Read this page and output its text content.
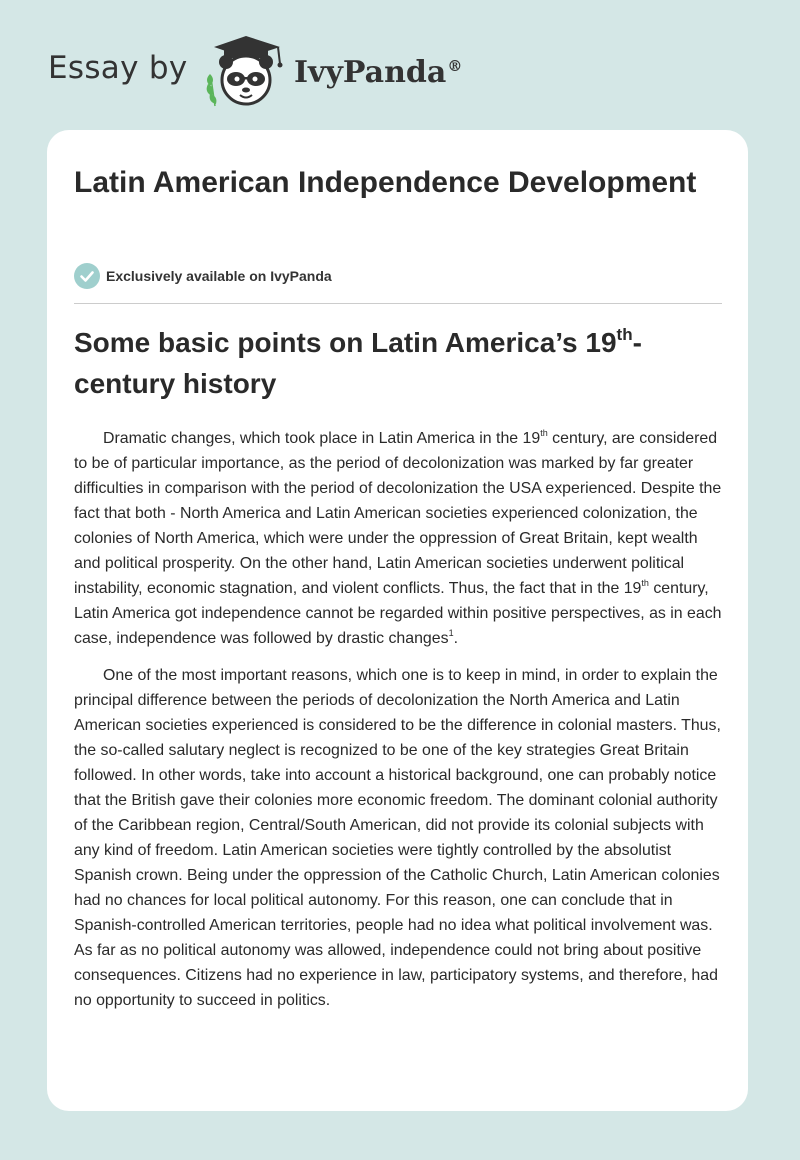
Essay by	IvyPanda®
Latin American Independence Development
Exclusively available on IvyPanda
Some basic points on Latin America’s 19th-century history

Dramatic changes, which took place in Latin America in the 19th century, are considered to be of particular importance, as the period of decolonization was marked by far greater difficulties in comparison with the period of decolonization the USA experienced. Despite the fact that both - North America and Latin American societies experienced colonization, the colonies of North America, which were under the oppression of Great Britain, kept wealth and political prosperity. On the other hand, Latin American societies underwent political instability, economic stagnation, and violent conflicts. Thus, the fact that in the 19th century, Latin America got independence cannot be regarded within positive perspectives, as in each case, independence was followed by drastic changes$^1$.

One of the most important reasons, which one is to keep in mind, in order to explain the principal difference between the periods of decolonization the North America and Latin American societies experienced is considered to be the difference in colonial masters. Thus, the so-called salutary neglect is recognized to be one of the key strategies Great Britain followed. In other words, take into account a historical background, one can probably notice that the British gave their colonies more economic freedom. The dominant colonial authority of the Caribbean region, Central/South American, did not provide its colonial subjects with any kind of freedom. Latin American societies were tightly controlled by the absolutist Spanish crown. Being under the oppression of the Catholic Church, Latin American colonies had no chances for local political autonomy. For this reason, one can conclude that in Spanish-controlled American territories, people had no idea what political involvement was. As far as no political autonomy was allowed, independence could not bring about positive consequences. Citizens had no experience in law, participatory systems, and therefore, had no opportunity to succeed in politics.
